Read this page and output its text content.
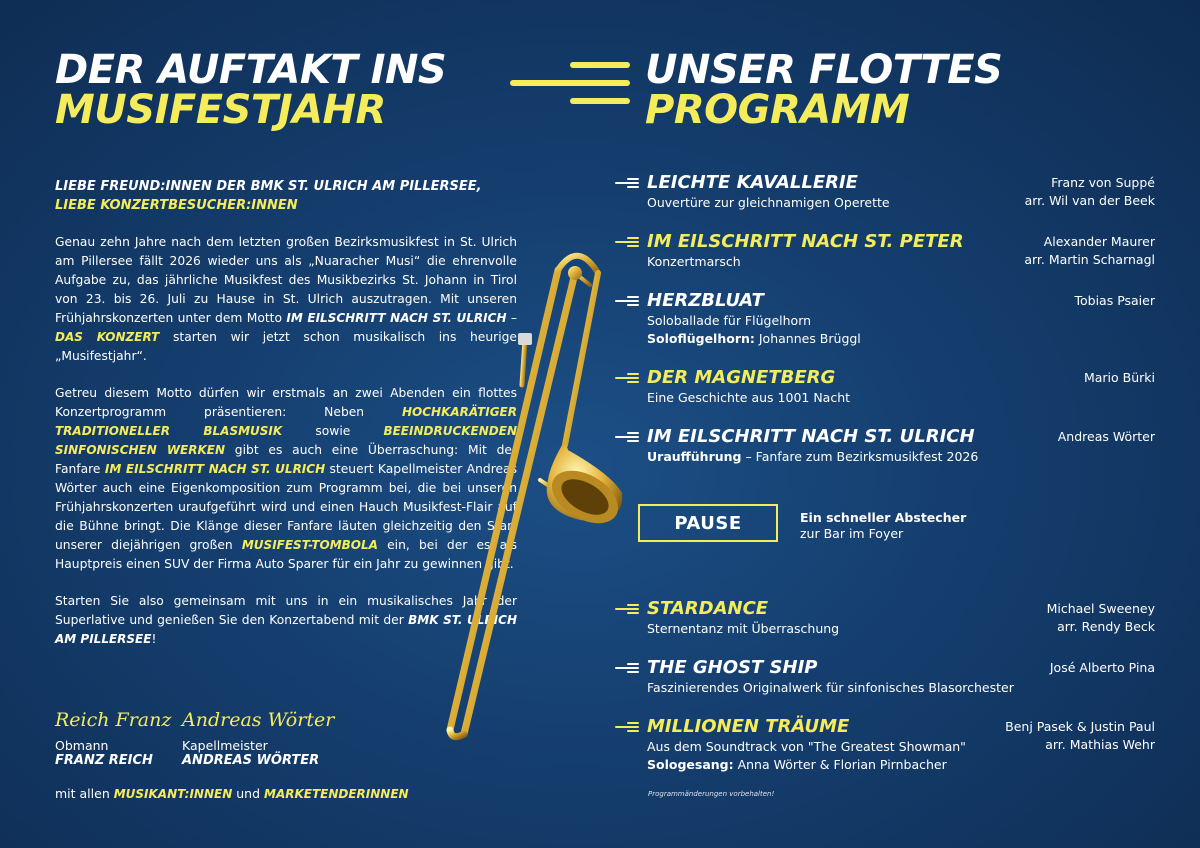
DER AUFTAKT INS
MUSIFESTJAHR
UNSER FLOTTES
PROGRAMM
LIEBE FREUND:INNEN DER BMK ST. ULRICH AM PILLERSEE,
LIEBE KONZERTBESUCHER:INNEN
Genau zehn Jahre nach dem letzten großen Bezirksmusikfest in St. Ulrich am Pillersee fällt 2026 wieder uns als „Nuaracher Musi“ die ehrenvolle Aufgabe zu, das jährliche Musikfest des Musikbezirks St. Johann in Tirol von 23. bis 26. Juli zu Hause in St. Ulrich auszutragen. Mit unseren Frühjahrskonzerten unter dem Motto IM EILSCHRITT NACH ST. ULRICH – DAS KONZERT starten wir jetzt schon musikalisch ins heurige „Musifestjahr“.
Getreu diesem Motto dürfen wir erstmals an zwei Abenden ein flottes Konzertprogramm präsentieren: Neben HOCHKARÄTIGER TRADITIONELLER BLASMUSIK sowie BEEINDRUCKENDEN SINFONISCHEN WERKEN gibt es auch eine Überraschung: Mit der Fanfare IM EILSCHRITT NACH ST. ULRICH steuert Kapellmeister Andreas Wörter auch eine Eigenkomposition zum Programm bei, die bei unseren Frühjahrskonzerten uraufgeführt wird und einen Hauch Musikfest-Flair auf die Bühne bringt. Die Klänge dieser Fanfare läuten gleichzeitig den Start unserer diejährigen großen MUSIFEST-TOMBOLA ein, bei der es als Hauptpreis einen SUV der Firma Auto Sparer für ein Jahr zu gewinnen gibt.
Starten Sie also gemeinsam mit uns in ein musikalisches Jahr der Superlative und genießen Sie den Konzertabend mit der BMK ST. ULRICH AM PILLERSEE!
Reich Franz
Obmann
FRANZ REICH
Andreas Wörter
Kapellmeister
ANDREAS WÖRTER
mit allen MUSIKANT:INNEN und MARKETENDERINNEN
LEICHTE KAVALLERIE
Ouvertüre zur gleichnamigen Operette
Franz von Suppé
arr. Wil van der Beek
IM EILSCHRITT NACH ST. PETER
Konzertmarsch
Alexander Maurer
arr. Martin Scharnagl
HERZBLUAT
Soloballade für Flügelhorn
Soloflügelhorn: Johannes Brüggl
Tobias Psaier
DER MAGNETBERG
Eine Geschichte aus 1001 Nacht
Mario Bürki
IM EILSCHRITT NACH ST. ULRICH
Uraufführung – Fanfare zum Bezirksmusikfest 2026
Andreas Wörter
STARDANCE
Sternentanz mit Überraschung
Michael Sweeney
arr. Rendy Beck
THE GHOST SHIP
Faszinierendes Originalwerk für sinfonisches Blasorchester
José Alberto Pina
MILLIONEN TRÄUME
Aus dem Soundtrack von "The Greatest Showman"
Sologesang: Anna Wörter & Florian Pirnbacher
Benj Pasek & Justin Paul
arr. Mathias Wehr
PAUSE	Ein schneller Abstecher
zur Bar im Foyer
Programmänderungen vorbehalten!
